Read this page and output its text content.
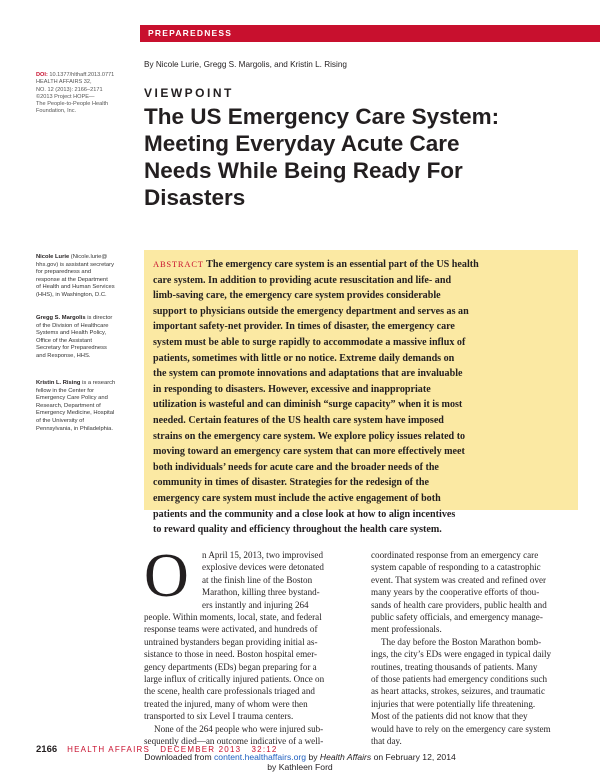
PREPAREDNESS
DOI: 10.1377/hlthaff.2013.0771
HEALTH AFFAIRS 32,
NO. 12 (2013): 2166–2171
©2013 Project HOPE—
The People-to-People Health
Foundation, Inc.
By Nicole Lurie, Gregg S. Margolis, and Kristin L. Rising
VIEWPOINT
The US Emergency Care System:
Meeting Everyday Acute Care
Needs While Being Ready For
Disasters
Nicole Lurie (Nicole.lurie@
hhs.gov) is assistant secretary
for preparedness and
response at the Department
of Health and Human Services
(HHS), in Washington, D.C.
Gregg S. Margolis is director
of the Division of Healthcare
Systems and Health Policy,
Office of the Assistant
Secretary for Preparedness
and Response, HHS.
Kristin L. Rising is a research
fellow in the Center for
Emergency Care Policy and
Research, Department of
Emergency Medicine, Hospital
of the University of
Pennsylvania, in Philadelphia.
ABSTRACT The emergency care system is an essential part of the US health
care system. In addition to providing acute resuscitation and life- and
limb-saving care, the emergency care system provides considerable
support to physicians outside the emergency department and serves as an
important safety-net provider. In times of disaster, the emergency care
system must be able to surge rapidly to accommodate a massive influx of
patients, sometimes with little or no notice. Extreme daily demands on
the system can promote innovations and adaptations that are invaluable
in responding to disasters. However, excessive and inappropriate
utilization is wasteful and can diminish “surge capacity” when it is most
needed. Certain features of the US health care system have imposed
strains on the emergency care system. We explore policy issues related to
moving toward an emergency care system that can more effectively meet
both individuals’ needs for acute care and the broader needs of the
community in times of disaster. Strategies for the redesign of the
emergency care system must include the active engagement of both
patients and the community and a close look at how to align incentives
to reward quality and efficiency throughout the health care system.
O	n April 15, 2013, two improvised
explosive devices were detonated
at the finish line of the Boston
Marathon, killing three bystand-
ers instantly and injuring 264
people. Within moments, local, state, and federal
response teams were activated, and hundreds of
untrained bystanders began providing initial as-
sistance to those in need. Boston hospital emer-
gency departments (EDs) began preparing for a
large influx of critically injured patients. Once on
the scene, health care professionals triaged and
treated the injured, many of whom were then
transported to six Level I trauma centers.
None of the 264 people who were injured sub-
sequently died—an outcome indicative of a well-
coordinated response from an emergency care
system capable of responding to a catastrophic
event. That system was created and refined over
many years by the cooperative efforts of thou-
sands of health care providers, public health and
public safety officials, and emergency manage-
ment professionals.
The day before the Boston Marathon bomb-
ings, the city’s EDs were engaged in typical daily
routines, treating thousands of patients. Many
of those patients had emergency conditions such
as heart attacks, strokes, seizures, and traumatic
injuries that were potentially life threatening.
Most of the patients did not know that they
would have to rely on the emergency care system
that day.
2166 HEALTH AFFAIRS   DECEMBER 2013   32:12
Downloaded from content.healthaffairs.org by Health Affairs on February 12, 2014
by Kathleen Ford
